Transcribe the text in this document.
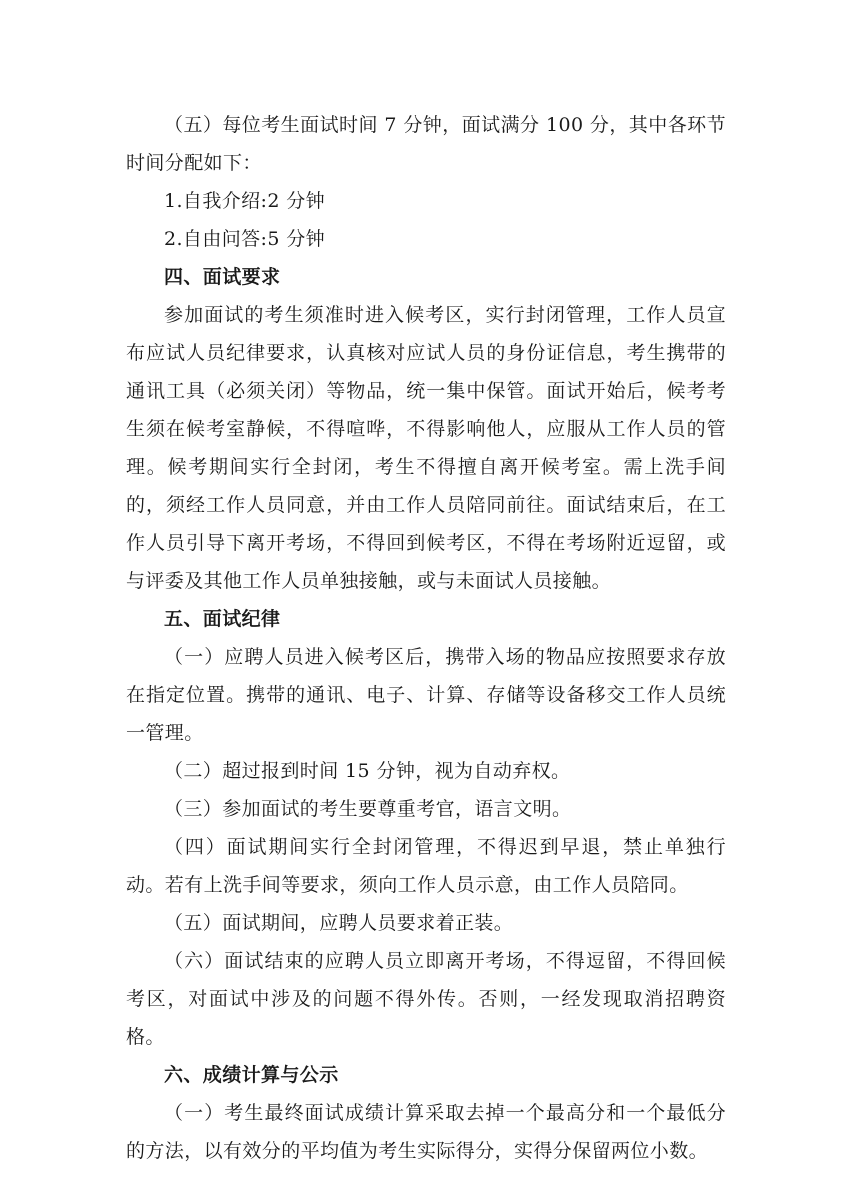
（五）每位考生面试时间 7 分钟，面试满分 100 分，其中各环节时间分配如下：

1.自我介绍:2 分钟

2.自由问答:5 分钟

四、面试要求

参加面试的考生须准时进入候考区，实行封闭管理，工作人员宣布应试人员纪律要求，认真核对应试人员的身份证信息，考生携带的通讯工具（必须关闭）等物品，统一集中保管。面试开始后，候考考生须在候考室静候，不得喧哗，不得影响他人，应服从工作人员的管理。候考期间实行全封闭，考生不得擅自离开候考室。需上洗手间的，须经工作人员同意，并由工作人员陪同前往。面试结束后，在工作人员引导下离开考场，不得回到候考区，不得在考场附近逗留，或与评委及其他工作人员单独接触，或与未面试人员接触。

五、面试纪律

（一）应聘人员进入候考区后，携带入场的物品应按照要求存放在指定位置。携带的通讯、电子、计算、存储等设备移交工作人员统一管理。

（二）超过报到时间 15 分钟，视为自动弃权。

（三）参加面试的考生要尊重考官，语言文明。

（四）面试期间实行全封闭管理，不得迟到早退，禁止单独行动。若有上洗手间等要求，须向工作人员示意，由工作人员陪同。

（五）面试期间，应聘人员要求着正装。

（六）面试结束的应聘人员立即离开考场，不得逗留，不得回候考区，对面试中涉及的问题不得外传。否则，一经发现取消招聘资格。

六、成绩计算与公示

（一）考生最终面试成绩计算采取去掉一个最高分和一个最低分的方法，以有效分的平均值为考生实际得分，实得分保留两位小数。
